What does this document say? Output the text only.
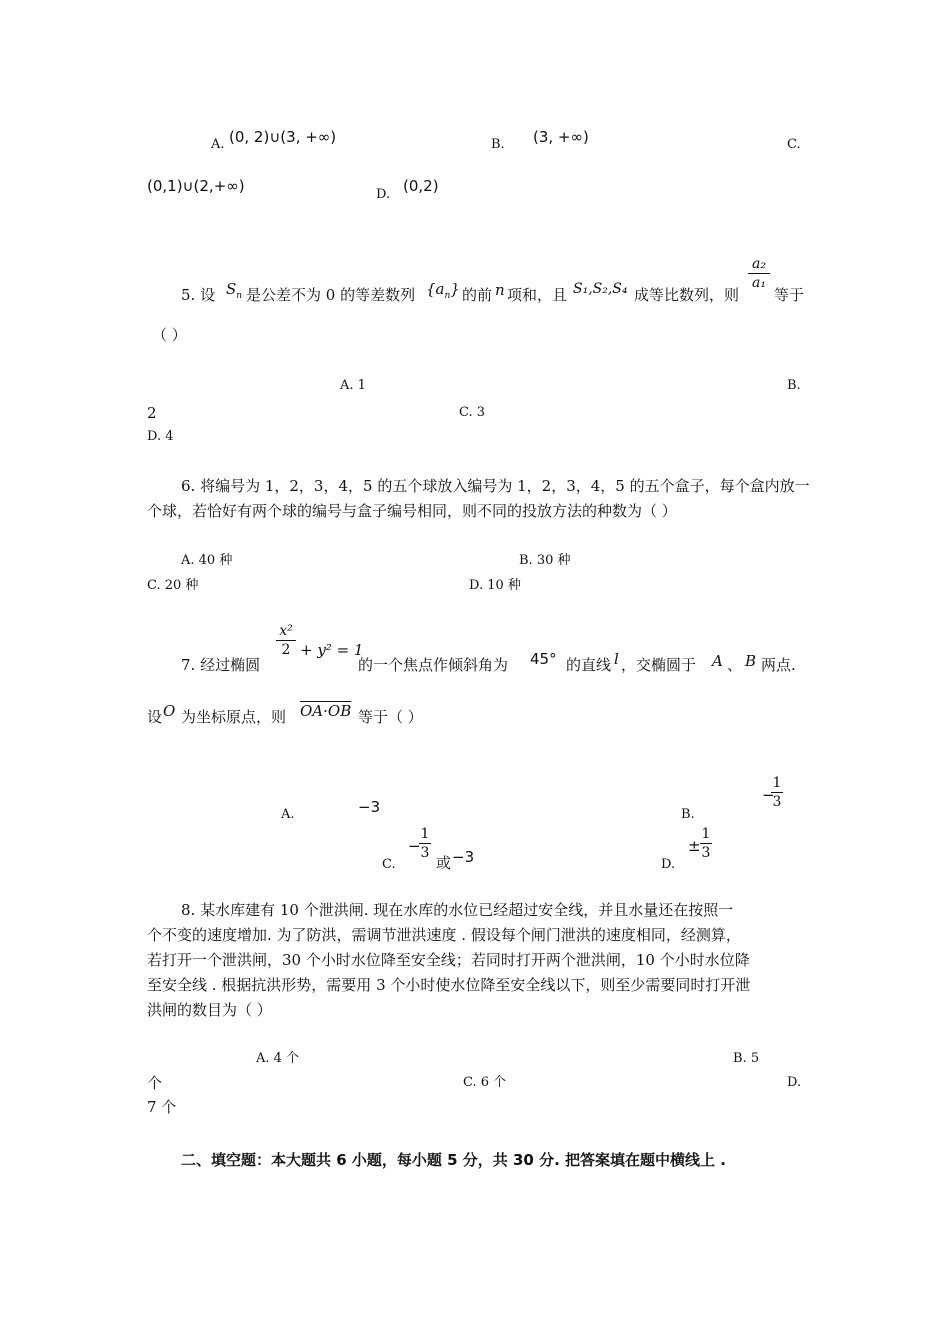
A. (0, 2)∪(3, +∞)	B. (3, +∞)	C.
(0,1)∪(2,+∞)	D. (0,2)
5. 设 $S_n$ 是公差不为 0 的等差数列 $\{a_n\}$ 的前 n 项和，且 S₁,S₂,S₄ 成等比数列，则
a₂
a₁
等于
（ ）
A. 1	B.
2	C. 3
D. 4
6. 将编号为 1，2，3，4，5 的五个球放入编号为 1，2，3，4，5 的五个盒子，每个盒内放一
个球，若恰好有两个球的编号与盒子编号相同，则不同的投放方法的种数为（ ）
A. 40 种	B. 30 种
C. 20 种	D. 10 种
7. 经过椭圆
x²
2 + y² = 1
的一个焦点作倾斜角为 45° 的直线 l ，交椭圆于 A 、 B 两点.
设 O 为坐标原点，则 OA·OB 等于（ ）
A.	−3	B.
−
1
3
C.
−
1
3
或 −3	D.
±
1
3
8. 某水库建有 10 个泄洪闸. 现在水库的水位已经超过安全线，并且水量还在按照一
个不变的速度增加. 为了防洪，需调节泄洪速度 . 假设每个闸门泄洪的速度相同，经测算，
若打开一个泄洪闸，30 个小时水位降至安全线；若同时打开两个泄洪闸，10 个小时水位降
至安全线 . 根据抗洪形势，需要用 3 个小时使水位降至安全线以下，则至少需要同时打开泄
洪闸的数目为（ ）
A. 4 个	B. 5
个	C. 6 个	D.
7 个
二、填空题：本大题共 6 小题，每小题 5 分，共 30 分. 把答案填在题中横线上 .
